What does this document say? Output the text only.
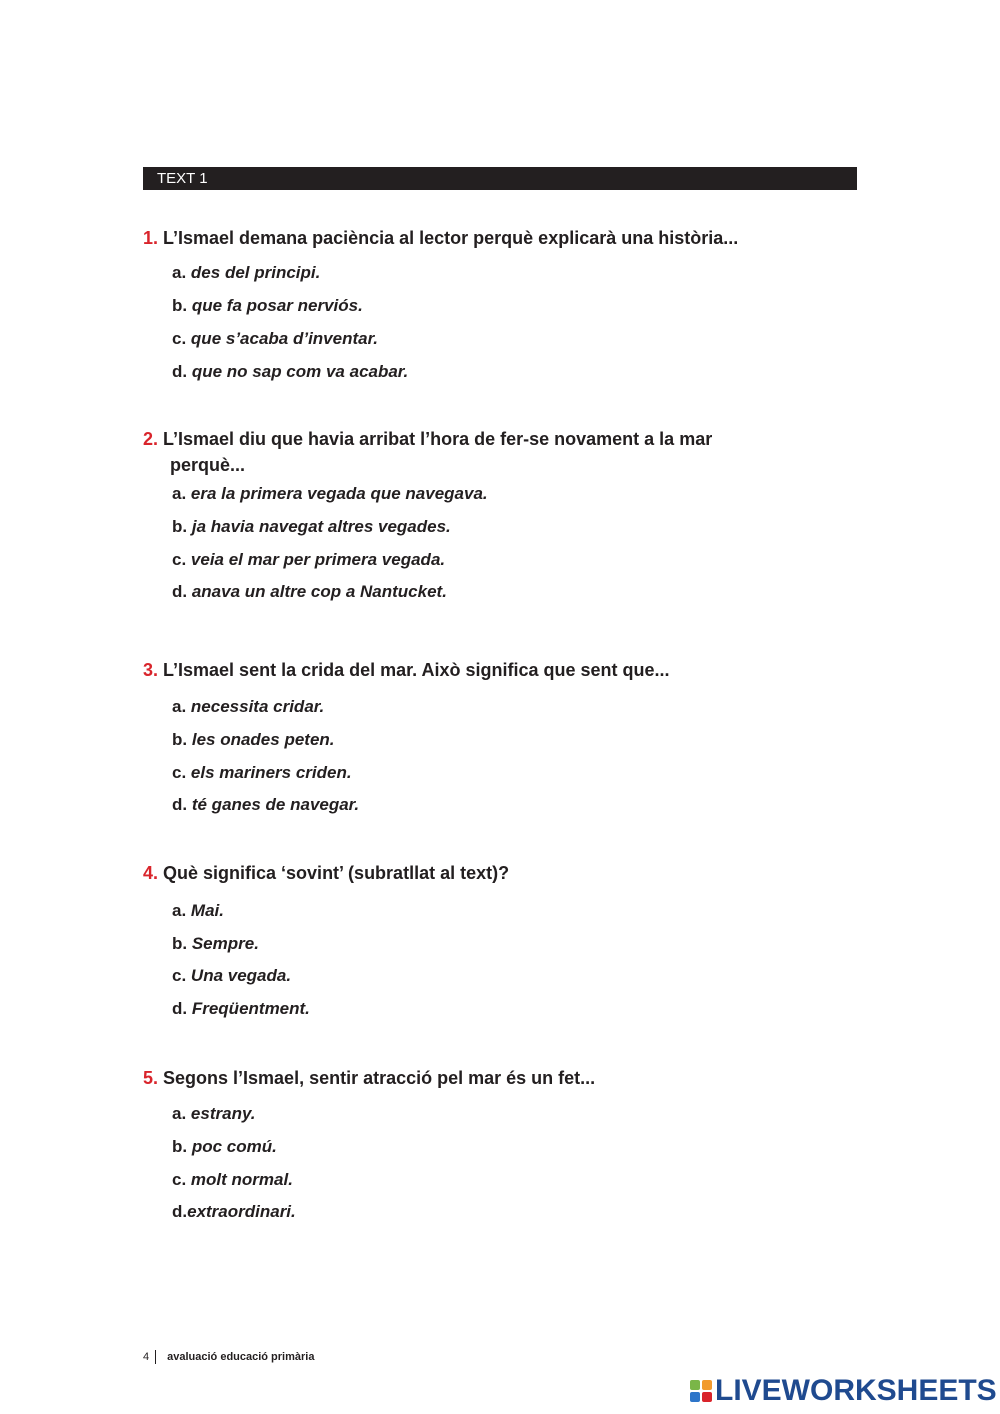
TEXT 1
1. L’Ismael demana paciència al lector perquè explicarà una història...
a. des del principi.
b. que fa posar nerviós.
c. que s’acaba d’inventar.
d. que no sap com va acabar.
2. L’Ismael diu que havia arribat l’hora de fer-se novament a la mar
perquè...
a. era la primera vegada que navegava.
b. ja havia navegat altres vegades.
c. veia el mar per primera vegada.
d. anava un altre cop a Nantucket.
3. L’Ismael sent la crida del mar. Això significa que sent que...
a. necessita cridar.
b. les onades peten.
c. els mariners criden.
d. té ganes de navegar.
4. Què significa ‘sovint’ (subratllat al text)?
a. Mai.
b. Sempre.
c. Una vegada.
d. Freqüentment.
5. Segons l’Ismael, sentir atracció pel mar és un fet...
a. estrany.
b. poc comú.
c. molt normal.
d.extraordinari.
4 avaluació educació primària
LIVEWORKSHEETS
